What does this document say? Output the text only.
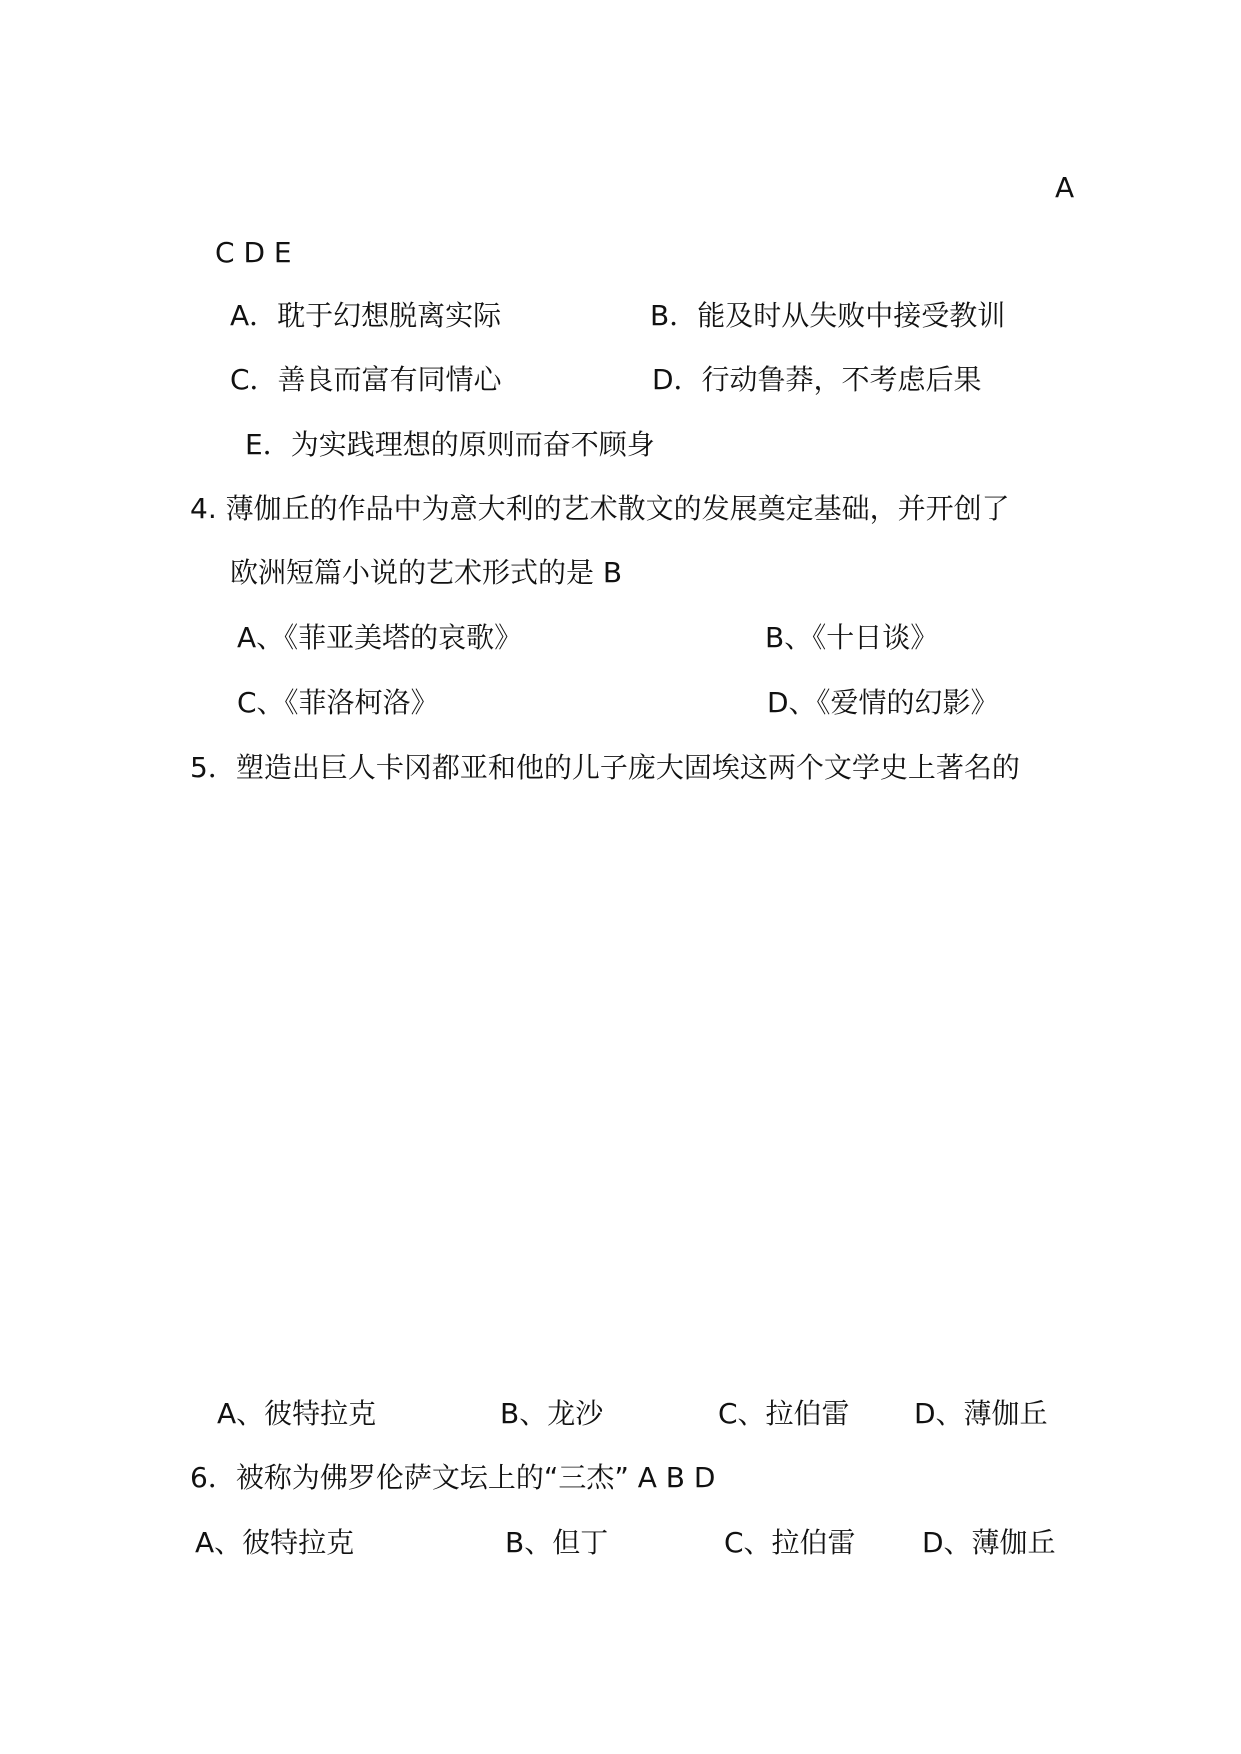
A
C D E
A．耽于幻想脱离实际	B．能及时从失败中接受教训
C．善良而富有同情心	D．行动鲁莽，不考虑后果
E．为实践理想的原则而奋不顾身
4. 薄伽丘的作品中为意大利的艺术散文的发展奠定基础，并开创了
欧洲短篇小说的艺术形式的是 B
A、《菲亚美塔的哀歌》	B、《十日谈》
C、《菲洛柯洛》	D、《爱情的幻影》
5．塑造出巨人卡冈都亚和他的儿子庞大固埃这两个文学史上著名的
A、彼特拉克	B、龙沙	C、拉伯雷 D、薄伽丘
6．被称为佛罗伦萨文坛上的“三杰” A B D
A、彼特拉克	B、但丁	C、拉伯雷 D、薄伽丘
